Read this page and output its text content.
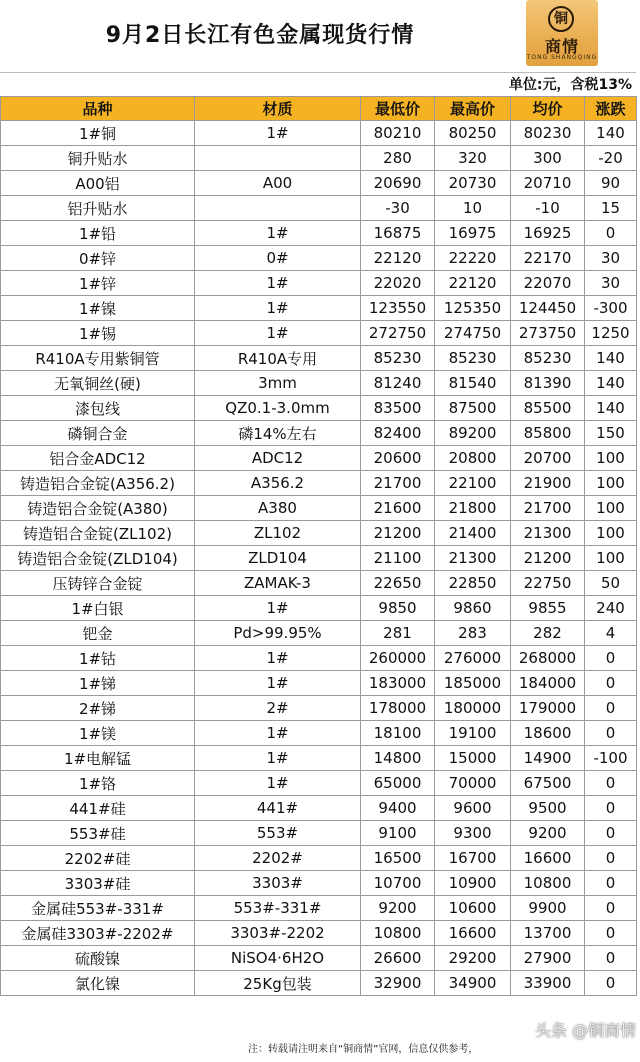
9月2日长江有色金属现货行情
铜
商情
TONG SHANGQING
单位:元，含税13%
品种	材质	最低价	最高价	均价	涨跌
1#铜	1#	80210	80250	80230	140
铜升贴水		280	320	300	-20
A00铝	A00	20690	20730	20710	90
铝升贴水		-30	10	-10	15
1#铅	1#	16875	16975	16925	0
0#锌	0#	22120	22220	22170	30
1#锌	1#	22020	22120	22070	30
1#镍	1#	123550	125350	124450	-300
1#锡	1#	272750	274750	273750	1250
R410A专用紫铜管	R410A专用	85230	85230	85230	140
无氧铜丝(硬)	3mm	81240	81540	81390	140
漆包线	QZ0.1-3.0mm	83500	87500	85500	140
磷铜合金	磷14%左右	82400	89200	85800	150
铝合金ADC12	ADC12	20600	20800	20700	100
铸造铝合金锭(A356.2)	A356.2	21700	22100	21900	100
铸造铝合金锭(A380)	A380	21600	21800	21700	100
铸造铝合金锭(ZL102)	ZL102	21200	21400	21300	100
铸造铝合金锭(ZLD104)	ZLD104	21100	21300	21200	100
压铸锌合金锭	ZAMAK-3	22650	22850	22750	50
1#白银	1#	9850	9860	9855	240
钯金	Pd>99.95%	281	283	282	4
1#钴	1#	260000	276000	268000	0
1#锑	1#	183000	185000	184000	0
2#锑	2#	178000	180000	179000	0
1#镁	1#	18100	19100	18600	0
1#电解锰	1#	14800	15000	14900	-100
1#铬	1#	65000	70000	67500	0
441#硅	441#	9400	9600	9500	0
553#硅	553#	9100	9300	9200	0
2202#硅	2202#	16500	16700	16600	0
3303#硅	3303#	10700	10900	10800	0
金属硅553#-331#	553#-331#	9200	10600	9900	0
金属硅3303#-2202#	3303#-2202	10800	16600	13700	0
硫酸镍	NiSO4·6H2O	26600	29200	27900	0
氯化镍	25Kg包装	32900	34900	33900	0
注：转载请注明来自“铜商情”官网，信息仅供参考，
头条 @铜商情
